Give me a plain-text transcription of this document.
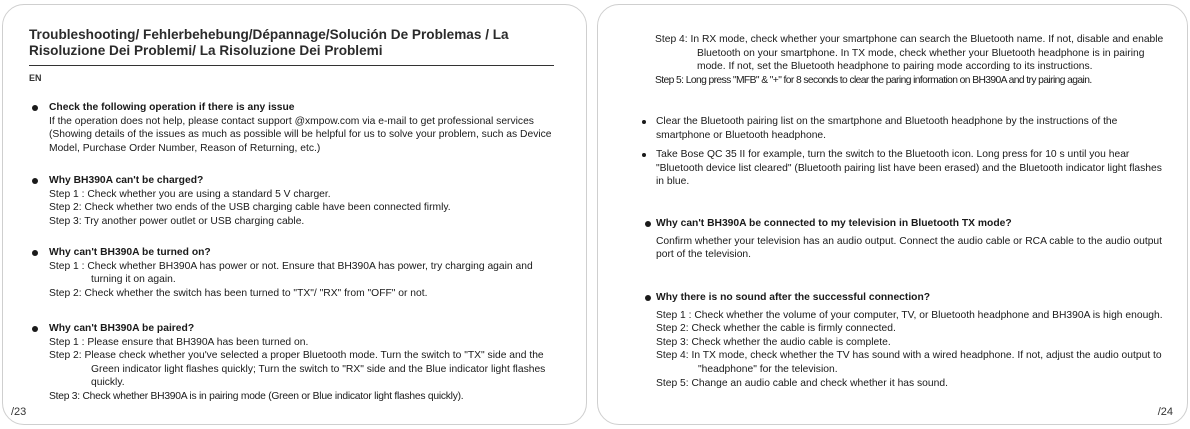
Troubleshooting/ Fehlerbehebung/Dépannage/Solución De Problemas / La Risoluzione Dei Problemi/ La Risoluzione Dei Problemi
EN
Check the following operation if there is any issue
If the operation does not help, please contact support @xmpow.com via e-mail to get professional services (Showing details of the issues as much as possible will be helpful for us to solve your problem, such as Device Model, Purchase Order Number, Reason of Returning, etc.)
Why BH390A can't be charged?
Step 1 : Check whether you are using a standard 5 V charger.
Step 2: Check whether two ends of the USB charging cable have been connected firmly.
Step 3: Try another power outlet or USB charging cable.
Why can't BH390A be turned on?
Step 1 : Check whether BH390A has power or not. Ensure that BH390A has power, try charging again and turning it on again.
Step 2: Check whether the switch has been turned to "TX"/ "RX" from "OFF" or not.
Why can't BH390A be paired?
Step 1 : Please ensure that BH390A has been turned on.
Step 2: Please check whether you've selected a proper Bluetooth mode. Turn the switch to "TX" side and the Green indicator light flashes quickly; Turn the switch to "RX" side and the Blue indicator light flashes quickly.
Step 3: Check whether BH390A is in pairing mode (Green or Blue indicator light flashes quickly).
/23
Step 4: In RX mode, check whether your smartphone can search the Bluetooth name. If not, disable and enable Bluetooth on your smartphone. In TX mode, check whether your Bluetooth headphone is in pairing mode. If not, set the Bluetooth headphone to pairing mode according to its instructions.
Step 5: Long press "MFB" & "+" for 8 seconds to clear the paring information on BH390A and try pairing again.
Clear the Bluetooth pairing list on the smartphone and Bluetooth headphone by the instructions of the smartphone or Bluetooth headphone.
Take Bose QC 35 II for example, turn the switch to the Bluetooth icon. Long press for 10 s until you hear "Bluetooth device list cleared" (Bluetooth pairing list have been erased) and the Bluetooth indicator light flashes in blue.
Why can't BH390A be connected to my television in Bluetooth TX mode?
Confirm whether your television has an audio output. Connect the audio cable or RCA cable to the audio output port of the television.
Why there is no sound after the successful connection?
Step 1 : Check whether the volume of your computer, TV, or Bluetooth headphone and BH390A is high enough.
Step 2: Check whether the cable is firmly connected.
Step 3: Check whether the audio cable is complete.
Step 4: In TX mode, check whether the TV has sound with a wired headphone. If not, adjust the audio output to "headphone" for the television.
Step 5: Change an audio cable and check whether it has sound.
/24
